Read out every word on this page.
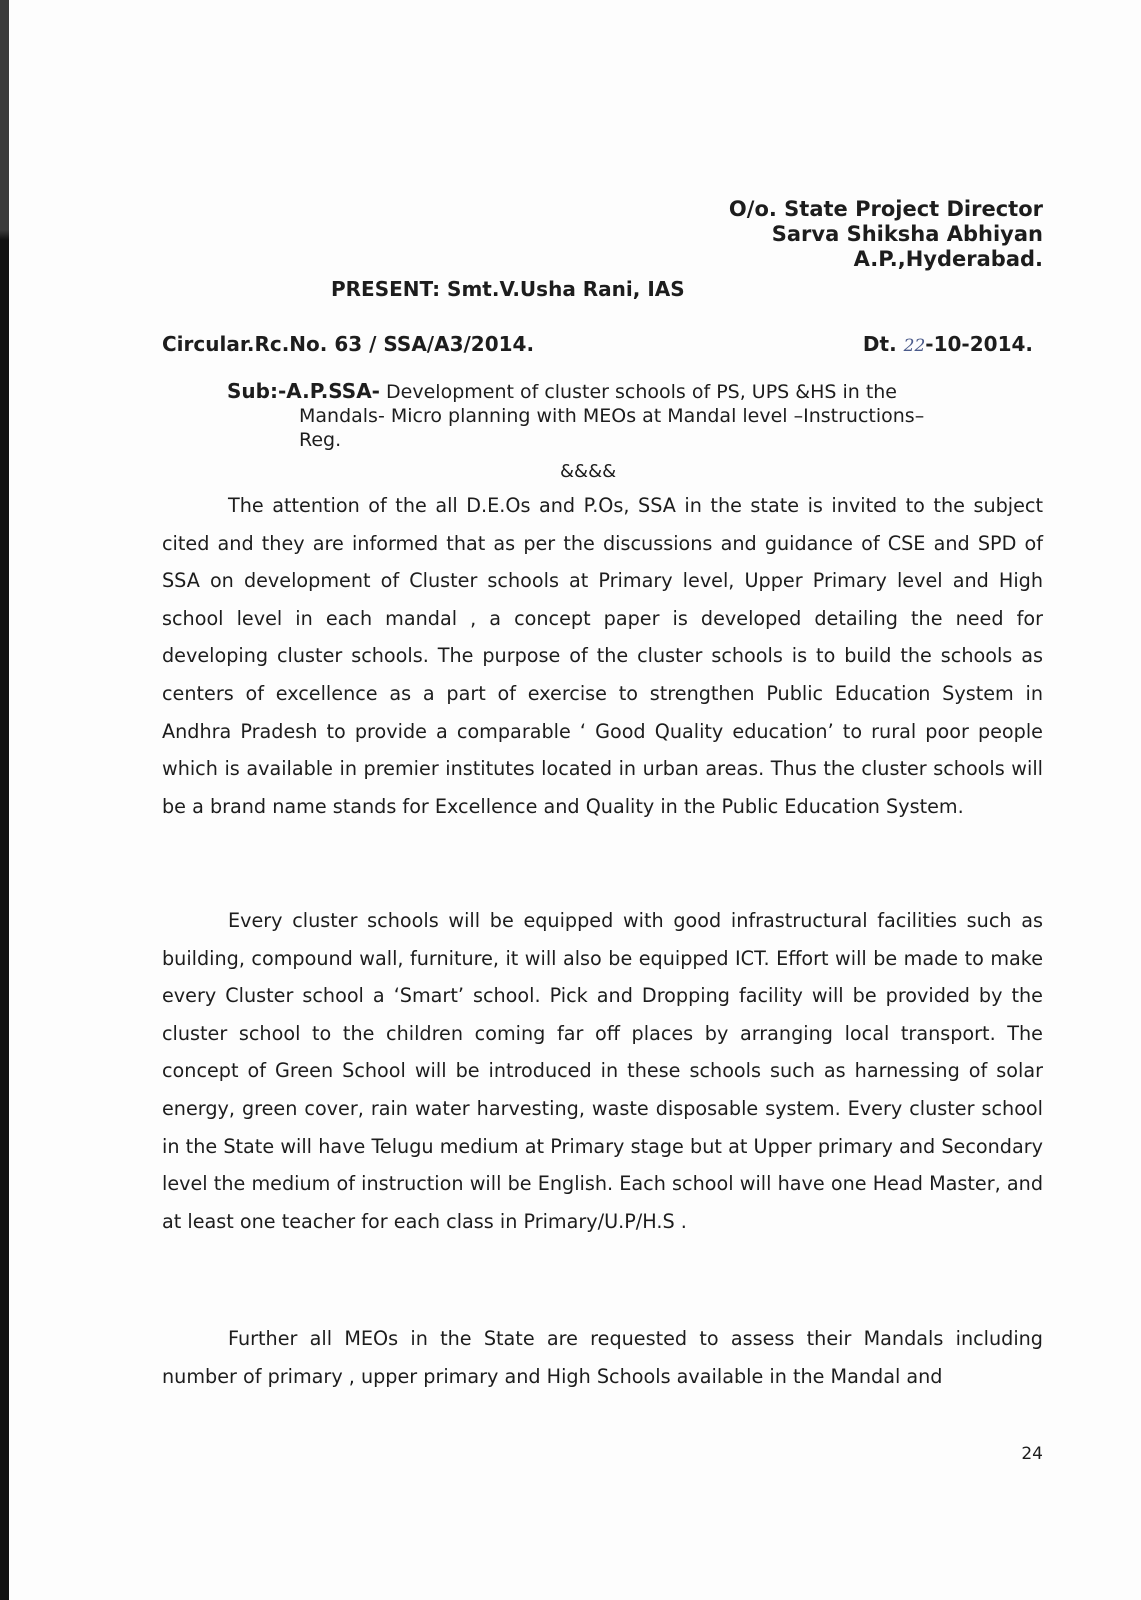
O/o. State Project Director
Sarva Shiksha Abhiyan
A.P.,Hyderabad.
PRESENT: Smt.V.Usha Rani, IAS
Circular.Rc.No. 63 / SSA/A3/2014.	Dt. 22-10-2014.
Sub:-A.P.SSA- Development of cluster schools of PS, UPS &HS in the
Mandals- Micro planning with MEOs at Mandal level –Instructions–
Reg.
&&&&
The attention of the all D.E.Os and P.Os, SSA in the state is invited to the subject cited and they are informed that as per the discussions and guidance of CSE and SPD of SSA on development of Cluster schools at Primary level, Upper Primary level and High school level in each mandal , a concept paper is developed detailing the need for developing cluster schools. The purpose of the cluster schools is to build the schools as centers of excellence as a part of exercise to strengthen Public Education System in Andhra Pradesh to provide a comparable ‘ Good Quality education’ to rural poor people which is available in premier institutes located in urban areas. Thus the cluster schools will be a brand name stands for Excellence and Quality in the Public Education System.
Every cluster schools will be equipped with good infrastructural facilities such as building, compound wall, furniture, it will also be equipped ICT. Effort will be made to make every Cluster school a ‘Smart’ school. Pick and Dropping facility will be provided by the cluster school to the children coming far off places by arranging local transport. The concept of Green School will be introduced in these schools such as harnessing of solar energy, green cover, rain water harvesting, waste disposable system. Every cluster school in the State will have Telugu medium at Primary stage but at Upper primary and Secondary level the medium of instruction will be English. Each school will have one Head Master, and at least one teacher for each class in Primary/U.P/H.S .
Further all MEOs in the State are requested to assess their Mandals including number of primary , upper primary and High Schools available in the Mandal and
24
